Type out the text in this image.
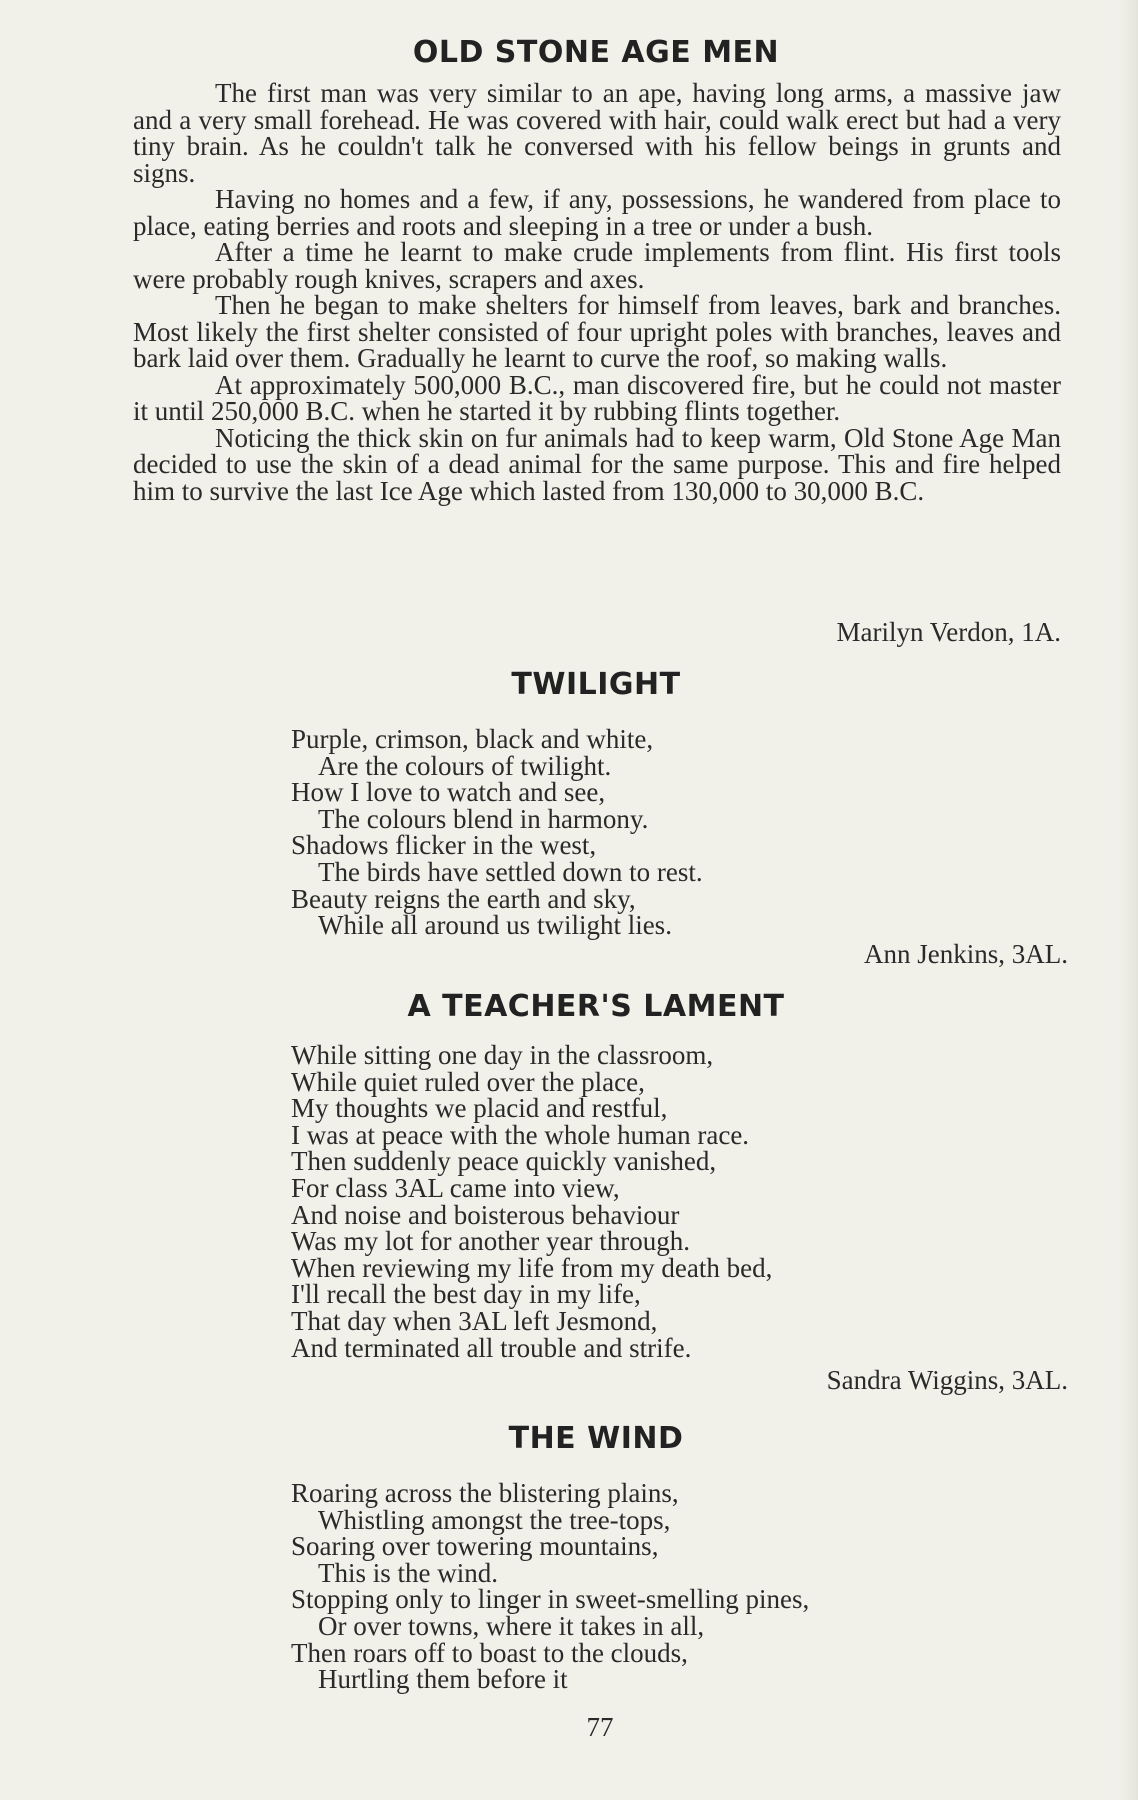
OLD STONE AGE MEN

The first man was very similar to an ape, having long arms, a massive jaw and a very small forehead. He was covered with hair, could walk erect but had a very tiny brain. As he couldn't talk he conversed with his fellow beings in grunts and signs.

Having no homes and a few, if any, possessions, he wandered from place to place, eating berries and roots and sleeping in a tree or under a bush.

After a time he learnt to make crude implements from flint. His first tools were probably rough knives, scrapers and axes.

Then he began to make shelters for himself from leaves, bark and branches. Most likely the first shelter consisted of four upright poles with branches, leaves and bark laid over them. Gradually he learnt to curve the roof, so making walls.

At approximately 500,000 B.C., man discovered fire, but he could not master it until 250,000 B.C. when he started it by rubbing flints together.

Noticing the thick skin on fur animals had to keep warm, Old Stone Age Man decided to use the skin of a dead animal for the same purpose. This and fire helped him to survive the last Ice Age which lasted from 130,000 to 30,000 B.C.

Marilyn Verdon, 1A.

TWILIGHT
Purple, crimson, black and white,
Are the colours of twilight.
How I love to watch and see,
The colours blend in harmony.
Shadows flicker in the west,
The birds have settled down to rest.
Beauty reigns the earth and sky,
While all around us twilight lies.

Ann Jenkins, 3AL.

A TEACHER'S LAMENT
While sitting one day in the classroom,
While quiet ruled over the place,
My thoughts we placid and restful,
I was at peace with the whole human race.
Then suddenly peace quickly vanished,
For class 3AL came into view,
And noise and boisterous behaviour
Was my lot for another year through.
When reviewing my life from my death bed,
I'll recall the best day in my life,
That day when 3AL left Jesmond,
And terminated all trouble and strife.

Sandra Wiggins, 3AL.

THE WIND
Roaring across the blistering plains,
Whistling amongst the tree-tops,
Soaring over towering mountains,
This is the wind.
Stopping only to linger in sweet-smelling pines,
Or over towns, where it takes in all,
Then roars off to boast to the clouds,
Hurtling them before it

77
